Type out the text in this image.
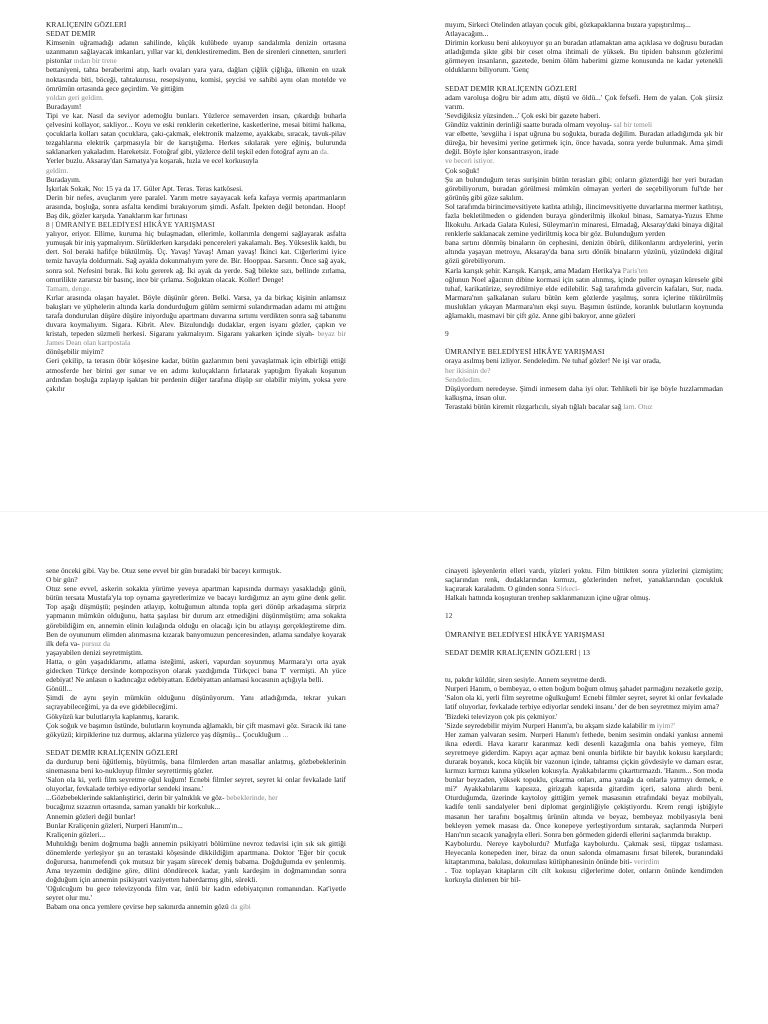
KRALİÇENİN GÖZLERİ

SEDAT DEMİR

Kimsenin uğramadığı adanın sahilinde, küçük kulübede uyanıp sandalımla denizin ortasına uzanmanın sağlayacak imkanları, yıllar var ki, denklestiremedim. Ben de sirenleri cinnetten, sınırleri pistonlar ından bir trene

bettaniyeni, tahta beraberimi atıp, karlı ovaları yara yara, dağları çiğlik çiğlığa, ülkenin en uzak noktasında biti, böceği, tahtakurusu, resepsiyonu, komisi, şeycisi ve sahibi aynı olan motelde ve ömrümün ortasında gece geçirdim. Ve gittiğim

yoldan geri geldim.

Buradayım!

Tipi ve kar. Nasıl da seviyor ademoğlu bunları. Yüzlerce semaverden insan, çıkardığı buharla çelvesini kollayor, sakliyor... Koyu ve eski renklerin ceketlerine, kasketlerine, mesai bitimi halkına, çocuklarla kolları satan çocuklara, çakı-çakmak, elektronik malzeme, ayakkabı, sıracak, tavuk-pilav tezgahlarına elektrik çarpmasıyla bir de karıştığıma. Herkes sıkılarak yere eğiniş, bulurunda saklanarken yakaladım. Hareketsiz. Fotoğraf gibi, yüzlerce delil teşkil eden fotoğraf aynı an da.

Yerler buzlu. Aksaray'dan Samatya'ya koşarak, hızla ve ecel korkusuyla

geldim.

Buradayım.

İşkırlak Sokak, No: 15 ya da 17. Güler Apt. Teras. Teras katkösesi.

Derin bir nefes, avuçlarım yere paralel. Yarım metre sayayacak kefa kafaya vermiş apartmanların arasında, boşluğa, sonra asfalta kendimi bırakıyorum şimdi. Asfalt. İpekten değil betondan. Hoop! Baş dik, gözler karşıda. Yanaklarım kar fırtınası

8 | ÜMRANİYE BELEDİYESİ HİKÂYE YARIŞMASI

yalıyor, eriyor. Ellime, kuruma hiç bulaşmadan, ellerimle, kollarımla dengemi sağlayarak asfalta yumuşak bir iniş yapmalıyım. Sürüklerken karşıdaki pencereleri yakalamalı. Beş. Yükseslik kaldı, bu dert. Sol beraki hafifçe büktülmüş. Üç. Yavaş! Yavaş! Aman yavaş! İkinci kat. Ciğerlerimi iyice temiz havayla doldurmalı. Sağ ayakla dokunmalıyım yere de. Bir. Hooppaa. Sarsıntı. Önce sağ ayak, sonra sol. Nefesini bırak. İki kolu gererek ağ. İki ayak da yerde. Sağ bilekte sızı, bellinde zırlama, omurilikte zararsız bir basınç, ince bir çırlama. Soğuktan olacak. Koller! Denge!

Tamam, denge.

Kırlar arasında olaşan hayalet. Böyle düşünür gören. Belki. Varsa, ya da birkaç kişinin anlamsız bakışları ve yüphelerin altında karla dondurduğum gülüm semirmi sulandırmadan adamı mi attığını tarafa dondurulan düşüre düşüre iniyorduğu apartmanı duvarına sırtımı verdikten sonra sağ tabanımı duvara koymalıyım. Sigara. Kibrit. Alev. Bizulundığı dudaklar, ergen isyanı gözler, çapkın ve kristah, tepeden süzmeli herkesi. Sigaranı yakmalıyım. Sigaranı yakarken içinde siyah- beyaz bir James Dean olan kartpostala

dönüşebilir miyim?

Geri çekilip, ta terasın öbür köşesine kadar, bütün gazlarımın beni yavaşlatmak için elbirliği ettiği atmosferde her birini ger sunar ve en adımı kuluçakların fırlatarak yaptığım fiyakalı koşunun ardından boşluğa zıplayıp işaktan bir perdenin düğer tarafına düşüp sır olabilir miyim, yoksa yere çakılır

mıyım, Sirkeci Otelinden atlayan çocuk gibi, gözkapaklarına buzara yapıştırılmış...

Atlayacağım...

Dirimin korkusu beni alıkoyuyor şu an buradan atlamaktan ama açıklasa ve doğrusu buradan atladığımda şikte gibi bir ceset olma ihtimali de yüksek. Bu tipiden bahsının gözlerimi görmeyen insanların, gazetede, benim ölüm haberimi gizme konusunda ne kadar yetenekli olduklarını biliyorum. 'Genç

SEDAT DEMİR KRALİÇENİN GÖZLERİ

adam varoluşa doğru bir adım attı, düştü ve öldü...' Çok fefsefi. Hem de yalan. Çok şiirsiz varım.

'Sevdiğiksiz yüzsinden...' Çok eski bir gazete haberi.

Gündüz vaktinin derinliği saatte burada olmam veyoluş- sal bir temeli

var elbette, 'sevgiiha i ispat uğruna bu soğukta, burada değilim. Buradan atladığımda şık bir düreğa, bir hevesimi yerine getirmek için, önce havada, sonra yerde bulunmak. Ama şimdi değil. Böyle işler konsantrasyon, irade

ve beceri istiyor.

Çok soğuk!

Şu an bulunduğum teras surişinin bütün terasları gibi; onların gözterdiği her yeri buradan görebiliyorum, buradan görülmesi mümkün olmayan yerleri de seçebiliyorum ful'tde her görünüş gibi göze sakılım.

Sol tarafımda birincimevsitiyete katlıta atlılığı, ilincimevsitiyette duvarlarına mermer katlıtışı, fazla bekletilmeden o gidenden buraya gönderilmiş ilkokul binası, Samatya-Yuzus Ehme İlkokulu. Arkada Galata Kulesi, Süleyman'ın minaresi, Elmadağ, Aksaray'daki binaya diğital renklerle saklanacak zemine yediriltmiş koca bir göz. Bulunduğum yerden

bana sırtını dönmüş binaların ön cephesini, denizin öbürü, dilikonlarını ardıyelerini, yerin altında yaşayan metroyu, Aksaray'da bana sırtı dönük binaların yüzünü, yüzündeki diğital gözü görebiliyorum.

Karla karışık şehir. Karışık. Karışık, ama Madam Herika'ya Paris'ten

oğlunun Noel ağacının dibine kormasi için satın alınmış, içinde puller oynaşan küresele gibi tuhaf, karikatürize, seyredilmiye elde edilebilir. Sağ tarafımda güvercin kafaları, Sur, rıada. Marmara'nın şalkalanan sularu bütün kem gözlerde yaşılmış, sonra içlerine tükürülmüş muslukları yıkayan Marmara'nın ekşi suyu. Başımın üstünde, koranlık bulutların koynunda ağlamaklı, masmavi bir çift göz. Anne gibi bakıyor, anne gözleri

9

ÜMRANİYE BELEDİYESİ HİKÂYE YARIŞMASI

oraya asılmış beni izliyor. Sendeledim. Ne tuhaf gözler! Ne işi var orada,

her ikisinin de?

Sendeledim.

Düşüyordum neredeyse. Şimdi inmesem daha iyi olur. Tehlikeli bir işe böyle hızzlarnmadan kalkışma, insan olur.

Terastaki bütün kiremit rüzgarlıcılı, siyah tığlalı bacalar sağ lam. Otuz

sene önceki gibi. Vay be. Otuz sene evvel bir gün buradaki bir baceyı kırmıştık.

O bir gün?

Otuz sene evvel, askerin sokakta yürüme yeveya apartman kapısında durmayı yasakladığı günü, bütün tersata Mustafa'yla top oynama gayretlerimize ve bacayı kırdığımız an aynı güne denk gelir. Top aşağı düşmüştü; peşinden atlayıp, koltuğumun altında topla geri dönüp arkadaşıma sürpriz yapmanın mümkün olduğunu, hatta şaşılası bir durum arz etmediğini düşünmüştüm; ama sokakta görebildiğim en, annemin elinin kulağında olduğu en olacağı için bu atlayışı gerçekleştireme dim. Ben de oyununum elimden alınmasına kızarak banyomuzun penceresinden, atlama sandalye koyarak ilk defa va- pursuz da

yaşayabilen denizi seyretmiştim.

Hatta, o gün yaşadıklarımı, atlama isteğimi, askeri, vapurdan soyunmuş Marmara'yı orta ayak gidecken Türkçe dersinde kompozisyon olarak yazdığımda Türkçeci bana T' vermişti. Ah yüce edebiyat! Ne anlasın o kadıncağız edebiyattan. Edebiyattan anlamasi kocasının açlığıyla belli.

Gönüll...

Şimdi de aynı şeyin mümkün olduğunu düşünüyorum. Yanı atladığımda, tekrar yukarı sıçrayabileceğimi, ya da eve gidebileceğimi.

Gökyüzü kar bulutlarıyla kaplanmış, kararık.

Çok soğuk ve başımın üstünde, bulutların koynunda ağlamaklı, bir çift masmavi göz. Sıracık iki tane gökyüzü; kirpiklerine tuz durmuş, aklarına yüzlerce yaş düşmüş... Çocukluğum ...

SEDAT DEMİR KRALİÇENİN GÖZLERİ

da durdurup beni öğütlemiş, büyütmüş, bana filmlerden artan masallar anlatmış, gözbebeklerinin sinemasına beni ko-nukluyup filmler seyrettirmiş gözler.

'Salon ola ki, yerli film seyretme oğul kuğum! Ecnebi filmler seyret, seyret ki onlar fevkalade latif oluyorlar, fevkalade terbiye ediyorlar sendeki insanı.'

...Gözbebeklerinde saklanlıştirici, derin bir yalnıklık ve göz- bebeklerinde, her

bucağınız sızaznın ortasında, saman yanaklı bir korkuluk...

Annemin gözleri değil bunlar!

Bunlar Kraliçenin gözleri, Nurperi Hanım'ın...

Kraliçenin gözleri...

Muhtıldığı benim doğmuma bağlı annemin psikiyatri bölümüne nevroz tedavisi için sık sık gittiği dönemlerde yerleşiyor şu an terastaki köşesinde dikkildiğim apartmana. Doktor 'Eğer bir çocuk doğurursa, hanımefendi çok mutsuz bir yaşam sürecek' demiş babama. Doğduğumda ev şenlenmiş. Ama teyzemin dediğine göre, dilini döndürecek kadar, yanlı kardeşim in doğmamından sonra doğduğum için annemin psikiyatri vaziyetten haberdarmış gibi, sürekli.

'Oğulcuğum bu gece televizyonda film var, ünlü bir kadın edebiyatçının romanından. Kat'iyetle seyret olur mu.'

Babam ona onca yemlere çevirse hep sakınırda annemin gözü da gibi

cinayeti işleyenlerin elleri vardı, yüzleri yoktu. Film bittikten sonra yüzlerini çizmiştim; saçlarından renk, dudaklarından kırmızı, gözlerinden nefret, yanaklarından çocukluk kaçırarak karaladım. O günden sonra Sirkeci-

Halkalı hattında koşuşturan trenhep saklanmanızın içine uğrar olmuş.

12

ÜMRANİYE BELEDİYESİ HİKÂYE YARIŞMASI

SEDAT DEMİR KRALİÇENİN GÖZLERİ | 13

tu, pakdır küldür, siren sesiyle. Annem seyretme derdi.

Nurperi Hanım, o bembeyaz, o etten boğum boğum olmuş şahadet parmağını nezaketle gezip, 'Salon ola ki, yerli film seyretme oğulkuğum! Ecnebi filmler seyret, seyret ki onlar fevkalade latif oluyorlar, fevkalade terbiye ediyorlar sendeki insanı.' der de ben seyretmez miyim ama?

'Bizdeki televizyon çok pis çekmiyor.'

'Sizde seyredebilir miyim Nurperi Hanım'a, bu akşam sizde kalabilir m iyim?'

Her zaman yalvaran sesim. Nurperi Hanım'ı fethede, benim sesimin ondaki yankısı annemi ikna ederdi. Hava kararır karanmaz kedi desenli kazağımla ona bahis yemeye, film seyretmeye giderdim. Kapıyı açar açmaz beni onunla birlikte bir bayılık kokusu karşılardı; durarak boyanık, koca küçük bir vazonun içinde, tahtamsı çiçkin gövdesiyle ve damarı esrar, kırmızı kırmızı kanına yükselen kokusyla. Ayakkabılarımı çıkarttırmazdı. 'Hanım... Son moda bunlar beyzaden, yüksek topuklu, çıkarma onları, ama yatağa da onlarla yatmıyı demek, e mi?' Ayakkabılarımı kapısıza, girizgah kapısıda gitardim içeri, salona alırdı beni. Oturduğumda, üzerinde kaytoloy gittiğim yemek masasının etrafındaki beyaz mobilyalı, kadife tenli sandalyeler beni diplomat gerginliğiyle çekiştiyordu. Krem rengi işbiğiyle masanın her tarafını boşaltmış ürünün altında ve beyaz, bembeyaz mobilyasıyla beni bekleyen yemek masası da. Önce konepeye yerleştiyordum sırıtarak, saçlarımda Nurperi Hanı'nın sıcacık yanağıyla elleri. Sonra ben görmeden giderdi ellerini saçlarımda bıraktıp.

Kaybolurdu. Nereye kaybolurdu? Mutfağa kaybolurdu. Çakmak sesi, tüpgaz tıslaması. Heyecanla konepeden iner, biraz da onun salonda olmamasını fırsat bilerek, buranındaki kitaptarımına, bakılası, dokunulası kütüphanesinin önünde biti- verirdim

. Toz toplayan kitapların cilt cilt kokusu ciğerlerime doler, onların önünde kendimden korkuyla dinlenen bir bil-
